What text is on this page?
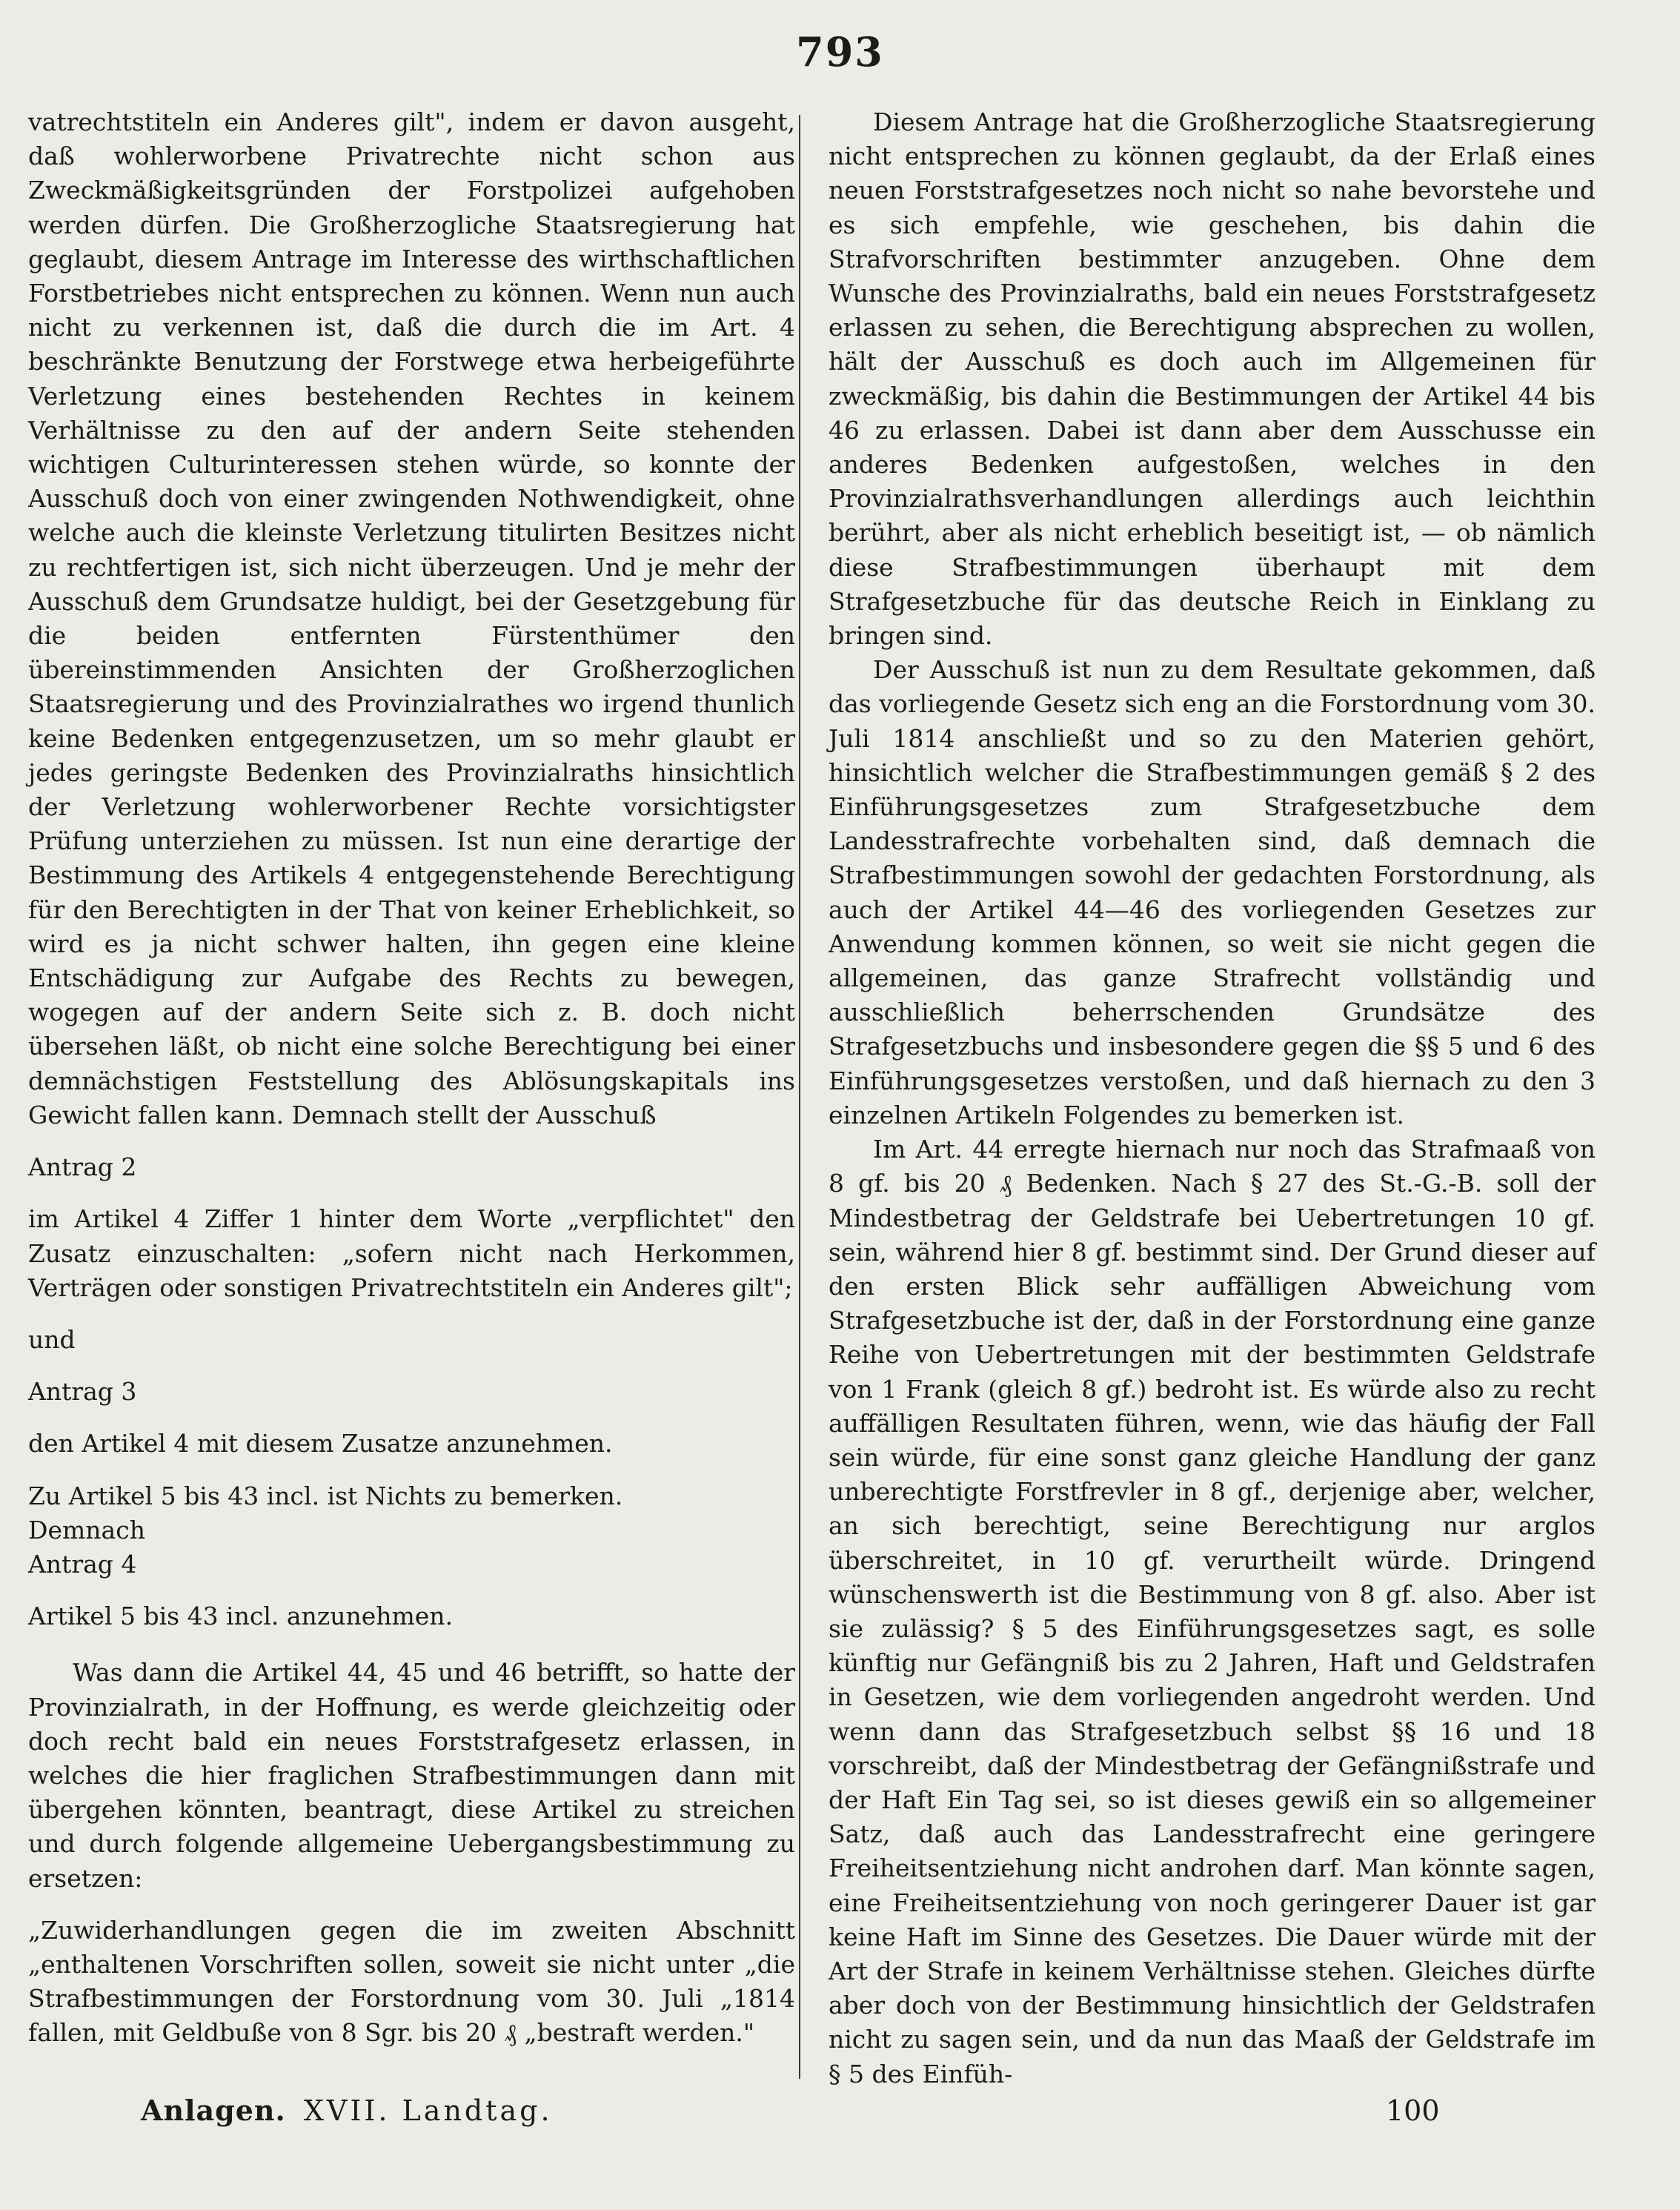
793

vatrechtstiteln ein Anderes gilt", indem er davon ausgeht, daß wohlerworbene Privatrechte nicht schon aus Zweckmäßigkeitsgründen der Forstpolizei aufgehoben werden dürfen. Die Großherzogliche Staatsregierung hat geglaubt, diesem Antrage im Interesse des wirthschaftlichen Forstbetriebes nicht entsprechen zu können. Wenn nun auch nicht zu verkennen ist, daß die durch die im Art. 4 beschränkte Benutzung der Forstwege etwa herbeigeführte Verletzung eines bestehenden Rechtes in keinem Verhältnisse zu den auf der andern Seite stehenden wichtigen Culturinteressen stehen würde, so konnte der Ausschuß doch von einer zwingenden Nothwendigkeit, ohne welche auch die kleinste Verletzung titulirten Besitzes nicht zu rechtfertigen ist, sich nicht überzeugen. Und je mehr der Ausschuß dem Grundsatze huldigt, bei der Gesetzgebung für die beiden entfernten Fürstenthümer den übereinstimmenden Ansichten der Großherzoglichen Staatsregierung und des Provinzialrathes wo irgend thunlich keine Bedenken entgegenzusetzen, um so mehr glaubt er jedes geringste Bedenken des Provinzialraths hinsichtlich der Verletzung wohlerworbener Rechte vorsichtigster Prüfung unterziehen zu müssen. Ist nun eine derartige der Bestimmung des Artikels 4 entgegenstehende Berechtigung für den Berechtigten in der That von keiner Erheblichkeit, so wird es ja nicht schwer halten, ihn gegen eine kleine Entschädigung zur Aufgabe des Rechts zu bewegen, wogegen auf der andern Seite sich z. B. doch nicht übersehen läßt, ob nicht eine solche Berechtigung bei einer demnächstigen Feststellung des Ablösungskapitals ins Gewicht fallen kann. Demnach stellt der Ausschuß

Antrag 2

im Artikel 4 Ziffer 1 hinter dem Worte „verpflichtet" den Zusatz einzuschalten: „sofern nicht nach Herkommen, Verträgen oder sonstigen Privatrechtstiteln ein Anderes gilt";

und

Antrag 3

den Artikel 4 mit diesem Zusatze anzunehmen.

Zu Artikel 5 bis 43 incl. ist Nichts zu bemerken.

Demnach

Antrag 4

Artikel 5 bis 43 incl. anzunehmen.

Was dann die Artikel 44, 45 und 46 betrifft, so hatte der Provinzialrath, in der Hoffnung, es werde gleichzeitig oder doch recht bald ein neues Forststrafgesetz erlassen, in welches die hier fraglichen Strafbestimmungen dann mit übergehen könnten, beantragt, diese Artikel zu streichen und durch folgende allgemeine Uebergangsbestimmung zu ersetzen:

„Zuwiderhandlungen gegen die im zweiten Abschnitt „enthaltenen Vorschriften sollen, soweit sie nicht unter „die Strafbestimmungen der Forstordnung vom 30. Juli „1814 fallen, mit Geldbuße von 8 Sgr. bis 20 ₰ „bestraft werden."

Diesem Antrage hat die Großherzogliche Staatsregierung nicht entsprechen zu können geglaubt, da der Erlaß eines neuen Forststrafgesetzes noch nicht so nahe bevorstehe und es sich empfehle, wie geschehen, bis dahin die Strafvorschriften bestimmter anzugeben. Ohne dem Wunsche des Provinzialraths, bald ein neues Forststrafgesetz erlassen zu sehen, die Berechtigung absprechen zu wollen, hält der Ausschuß es doch auch im Allgemeinen für zweckmäßig, bis dahin die Bestimmungen der Artikel 44 bis 46 zu erlassen. Dabei ist dann aber dem Ausschusse ein anderes Bedenken aufgestoßen, welches in den Provinzialrathsverhandlungen allerdings auch leichthin berührt, aber als nicht erheblich beseitigt ist, — ob nämlich diese Strafbestimmungen überhaupt mit dem Strafgesetzbuche für das deutsche Reich in Einklang zu bringen sind.

Der Ausschuß ist nun zu dem Resultate gekommen, daß das vorliegende Gesetz sich eng an die Forstordnung vom 30. Juli 1814 anschließt und so zu den Materien gehört, hinsichtlich welcher die Strafbestimmungen gemäß § 2 des Einführungsgesetzes zum Strafgesetzbuche dem Landesstrafrechte vorbehalten sind, daß demnach die Strafbestimmungen sowohl der gedachten Forstordnung, als auch der Artikel 44—46 des vorliegenden Gesetzes zur Anwendung kommen können, so weit sie nicht gegen die allgemeinen, das ganze Strafrecht vollständig und ausschließlich beherrschenden Grundsätze des Strafgesetzbuchs und insbesondere gegen die §§ 5 und 6 des Einführungsgesetzes verstoßen, und daß hiernach zu den 3 einzelnen Artikeln Folgendes zu bemerken ist.

Im Art. 44 erregte hiernach nur noch das Strafmaaß von 8 gf. bis 20 ₰ Bedenken. Nach § 27 des St.-G.-B. soll der Mindestbetrag der Geldstrafe bei Uebertretungen 10 gf. sein, während hier 8 gf. bestimmt sind. Der Grund dieser auf den ersten Blick sehr auffälligen Abweichung vom Strafgesetzbuche ist der, daß in der Forstordnung eine ganze Reihe von Uebertretungen mit der bestimmten Geldstrafe von 1 Frank (gleich 8 gf.) bedroht ist. Es würde also zu recht auffälligen Resultaten führen, wenn, wie das häufig der Fall sein würde, für eine sonst ganz gleiche Handlung der ganz unberechtigte Forstfrevler in 8 gf., derjenige aber, welcher, an sich berechtigt, seine Berechtigung nur arglos überschreitet, in 10 gf. verurtheilt würde. Dringend wünschenswerth ist die Bestimmung von 8 gf. also. Aber ist sie zulässig? § 5 des Einführungsgesetzes sagt, es solle künftig nur Gefängniß bis zu 2 Jahren, Haft und Geldstrafen in Gesetzen, wie dem vorliegenden angedroht werden. Und wenn dann das Strafgesetzbuch selbst §§ 16 und 18 vorschreibt, daß der Mindestbetrag der Gefängnißstrafe und der Haft Ein Tag sei, so ist dieses gewiß ein so allgemeiner Satz, daß auch das Landesstrafrecht eine geringere Freiheitsentziehung nicht androhen darf. Man könnte sagen, eine Freiheitsentziehung von noch geringerer Dauer ist gar keine Haft im Sinne des Gesetzes. Die Dauer würde mit der Art der Strafe in keinem Verhältnisse stehen. Gleiches dürfte aber doch von der Bestimmung hinsichtlich der Geldstrafen nicht zu sagen sein, und da nun das Maaß der Geldstrafe im § 5 des Einfüh-

Anlagen. XVII. Landtag.	100
